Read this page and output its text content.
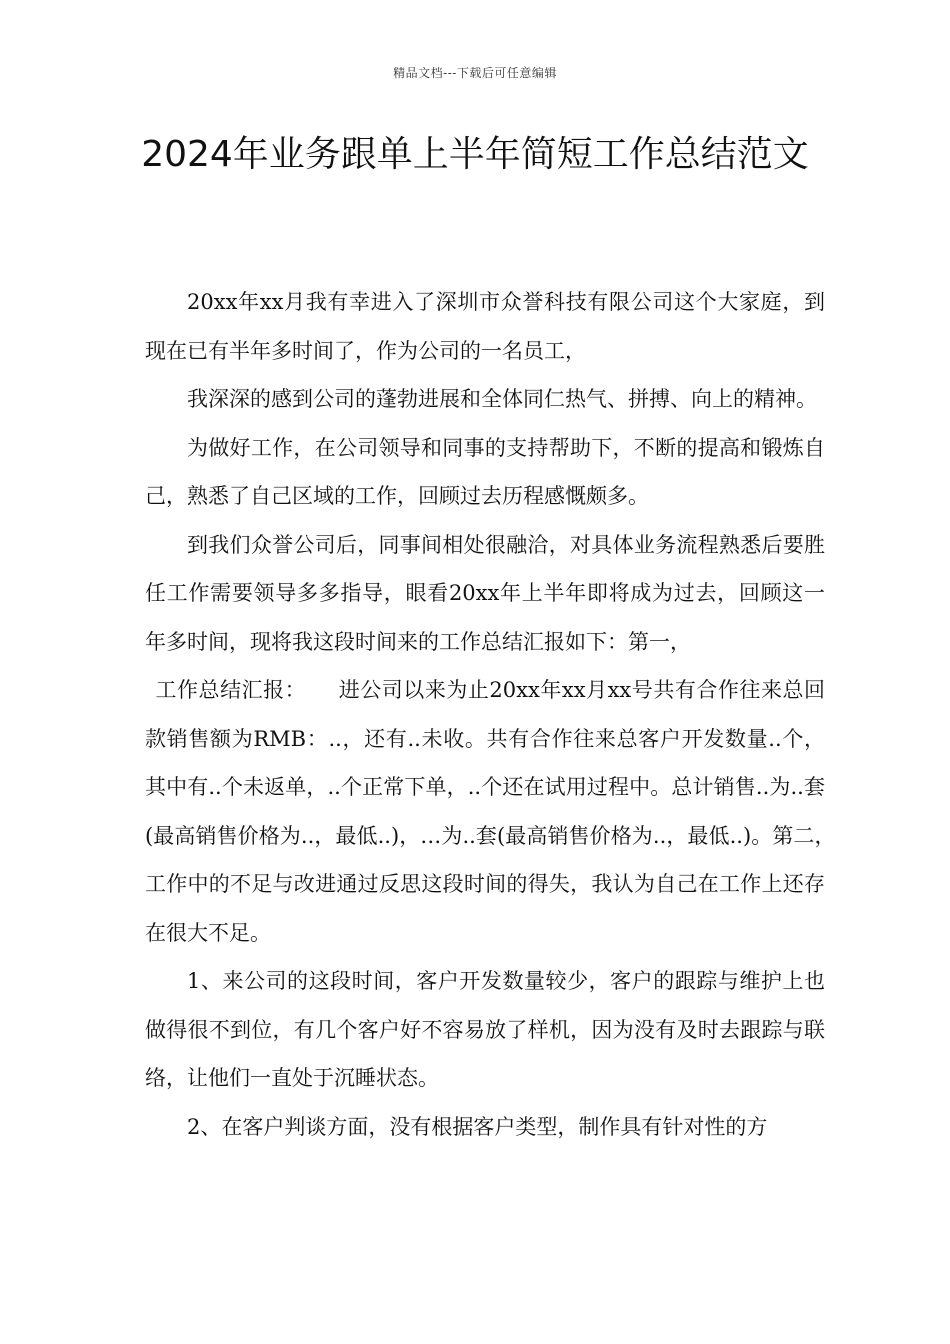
精品文档---下载后可任意编辑
2024年业务跟单上半年简短工作总结范文

20xx年xx月我有幸进入了深圳市众誉科技有限公司这个大家庭，到现在已有半年多时间了，作为公司的一名员工，

我深深的感到公司的蓬勃进展和全体同仁热气、拼搏、向上的精神。

为做好工作，在公司领导和同事的支持帮助下，不断的提高和锻炼自己，熟悉了自己区域的工作，回顾过去历程感慨颇多。

到我们众誉公司后，同事间相处很融洽，对具体业务流程熟悉后要胜任工作需要领导多多指导，眼看20xx年上半年即将成为过去，回顾这一年多时间，现将我这段时间来的工作总结汇报如下：第一，

工作总结汇报：　　进公司以来为止20xx年xx月xx号共有合作往来总回款销售额为RMB：..，还有..未收。共有合作往来总客户开发数量..个，其中有..个未返单，..个正常下单，..个还在试用过程中。总计销售..为..套(最高销售价格为..，最低..)，…为..套(最高销售价格为..，最低..)。第二，　工作中的不足与改进通过反思这段时间的得失，我认为自己在工作上还存在很大不足。

1、来公司的这段时间，客户开发数量较少，客户的跟踪与维护上也做得很不到位，有几个客户好不容易放了样机，因为没有及时去跟踪与联络，让他们一直处于沉睡状态。

2、在客户判谈方面，没有根据客户类型，制作具有针对性的方
